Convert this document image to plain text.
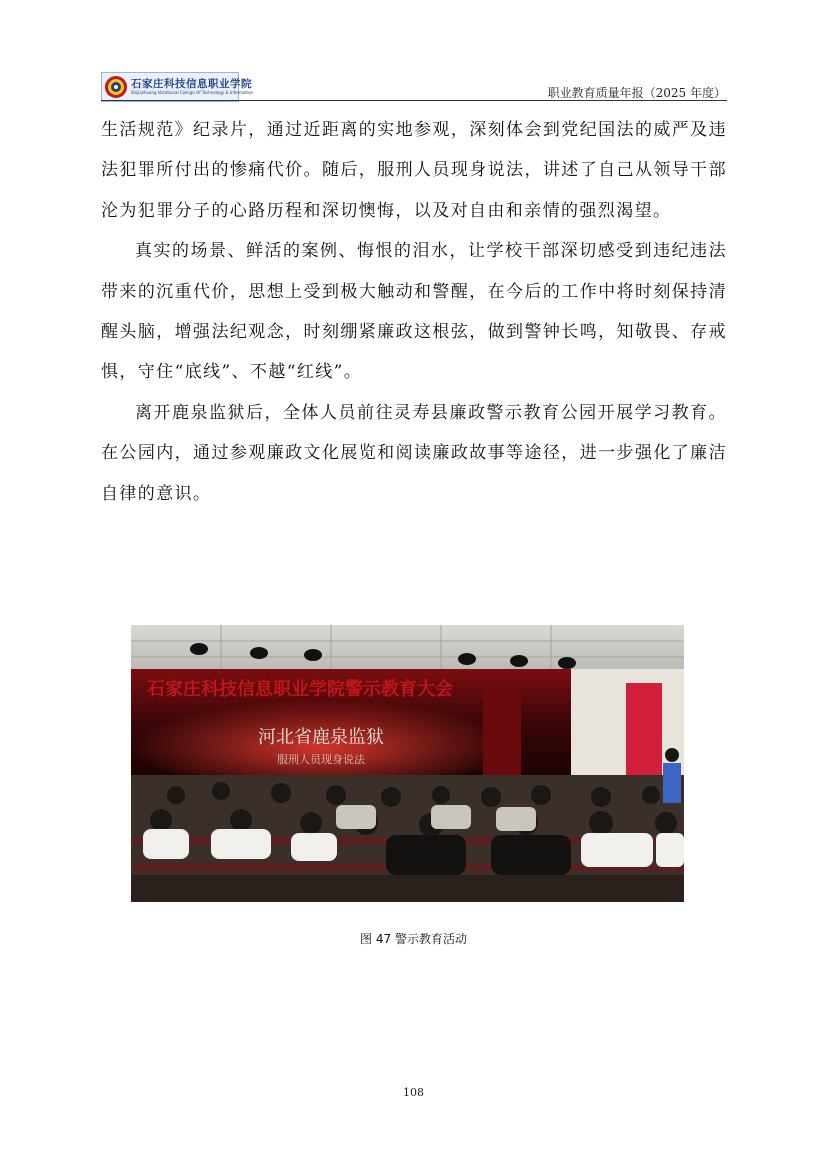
石家庄科技信息职业学院
Shijiazhuang Vocational College Of Technology & Information	职业教育质量年报（2025 年度）

生活规范》纪录片，通过近距离的实地参观，深刻体会到党纪国法的威严及违法犯罪所付出的惨痛代价。随后，服刑人员现身说法，讲述了自己从领导干部沦为犯罪分子的心路历程和深切懊悔，以及对自由和亲情的强烈渴望。

真实的场景、鲜活的案例、悔恨的泪水，让学校干部深切感受到违纪违法带来的沉重代价，思想上受到极大触动和警醒，在今后的工作中将时刻保持清醒头脑，增强法纪观念，时刻绷紧廉政这根弦，做到警钟长鸣，知敬畏、存戒惧，守住“底线”、不越“红线”。

离开鹿泉监狱后，全体人员前往灵寿县廉政警示教育公园开展学习教育。在公园内，通过参观廉政文化展览和阅读廉政故事等途径，进一步强化了廉洁自律的意识。

石家庄科技信息职业学院警示教育大会
河北省鹿泉监狱
服刑人员现身说法
图 47 警示教育活动
108
